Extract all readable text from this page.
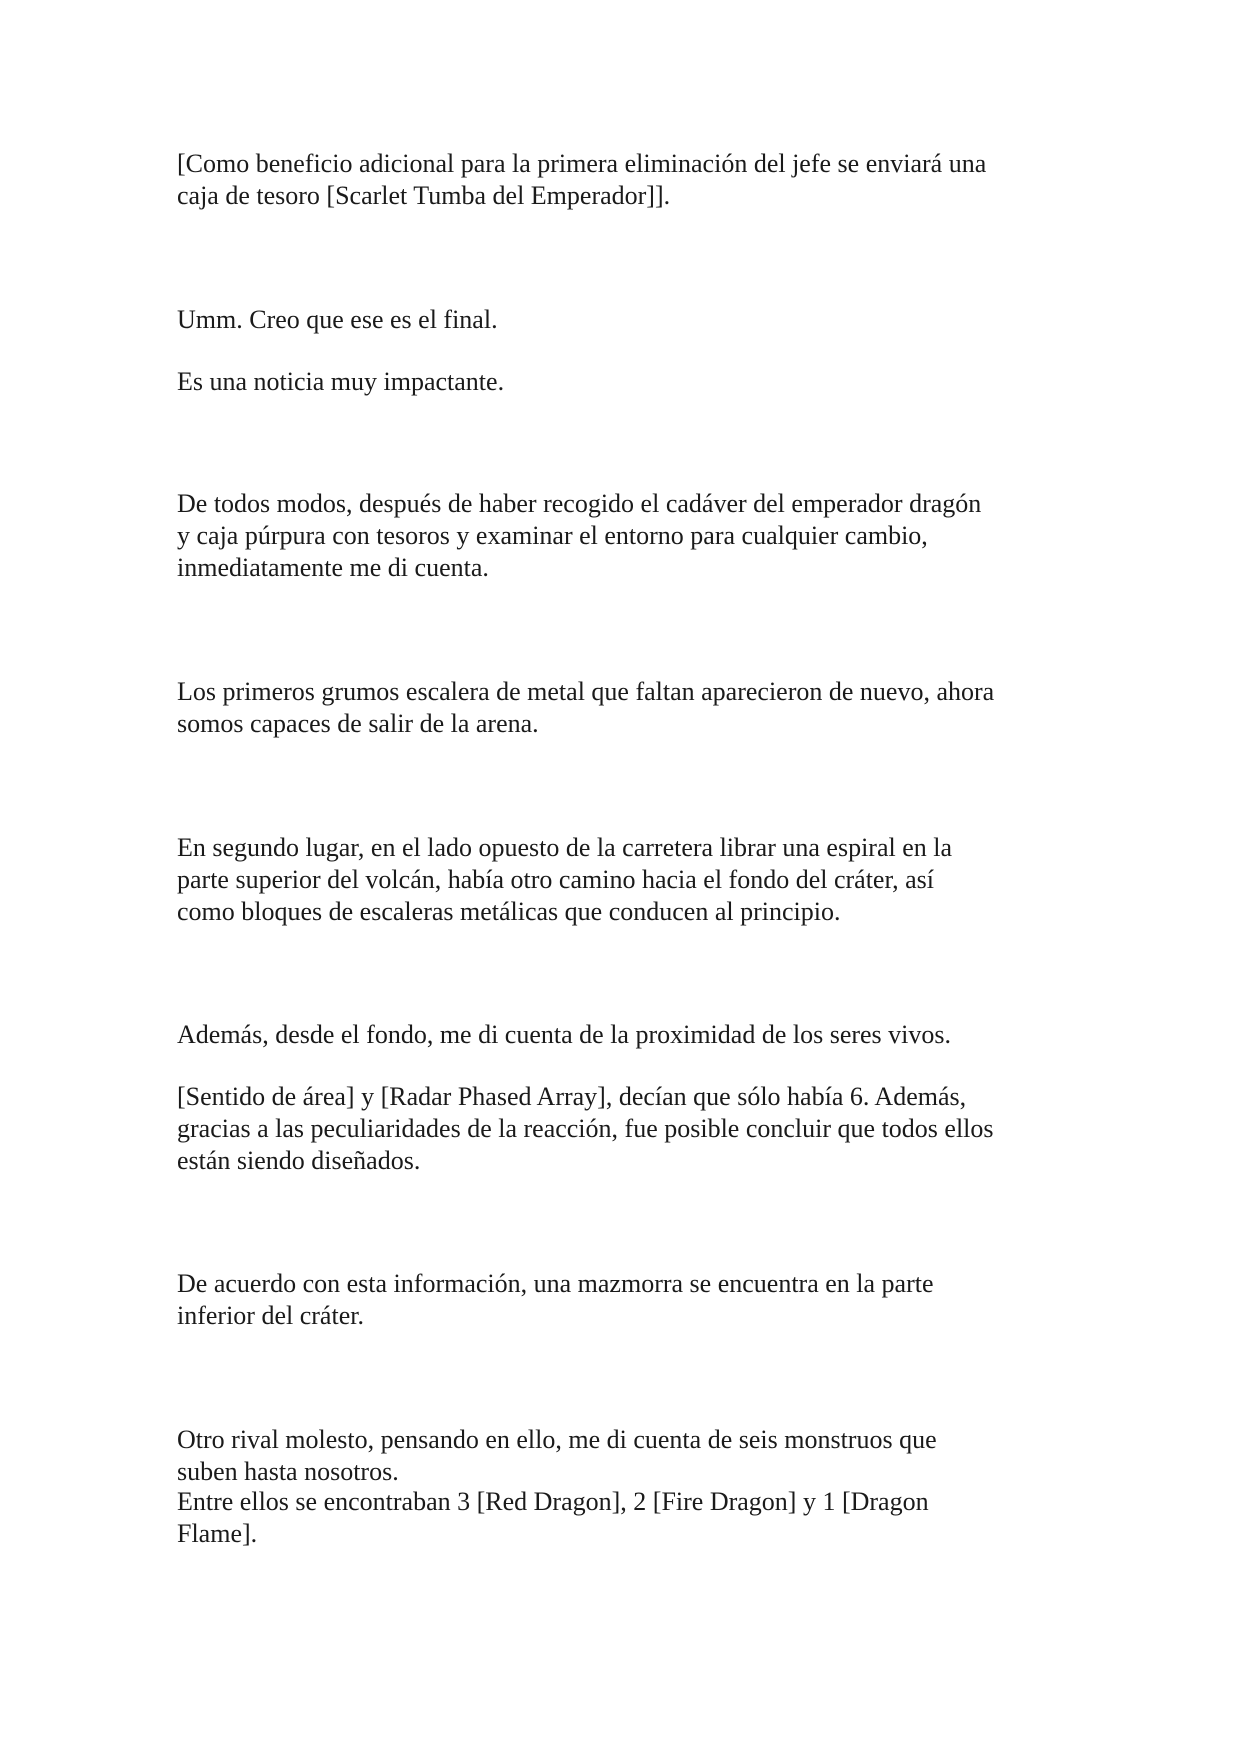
[Como beneficio adicional para la primera eliminación del jefe se enviará una
caja de tesoro [Scarlet Tumba del Emperador]].

Umm. Creo que ese es el final.

Es una noticia muy impactante.

De todos modos, después de haber recogido el cadáver del emperador dragón
y caja púrpura con tesoros y examinar el entorno para cualquier cambio,
inmediatamente me di cuenta.

Los primeros grumos escalera de metal que faltan aparecieron de nuevo, ahora
somos capaces de salir de la arena.

En segundo lugar, en el lado opuesto de la carretera librar una espiral en la
parte superior del volcán, había otro camino hacia el fondo del cráter, así
como bloques de escaleras metálicas que conducen al principio.

Además, desde el fondo, me di cuenta de la proximidad de los seres vivos.

[Sentido de área] y [Radar Phased Array], decían que sólo había 6. Además,
gracias a las peculiaridades de la reacción, fue posible concluir que todos ellos
están siendo diseñados.

De acuerdo con esta información, una mazmorra se encuentra en la parte
inferior del cráter.

Otro rival molesto, pensando en ello, me di cuenta de seis monstruos que
suben hasta nosotros.

Entre ellos se encontraban 3 [Red Dragon], 2 [Fire Dragon] y 1 [Dragon
Flame].
